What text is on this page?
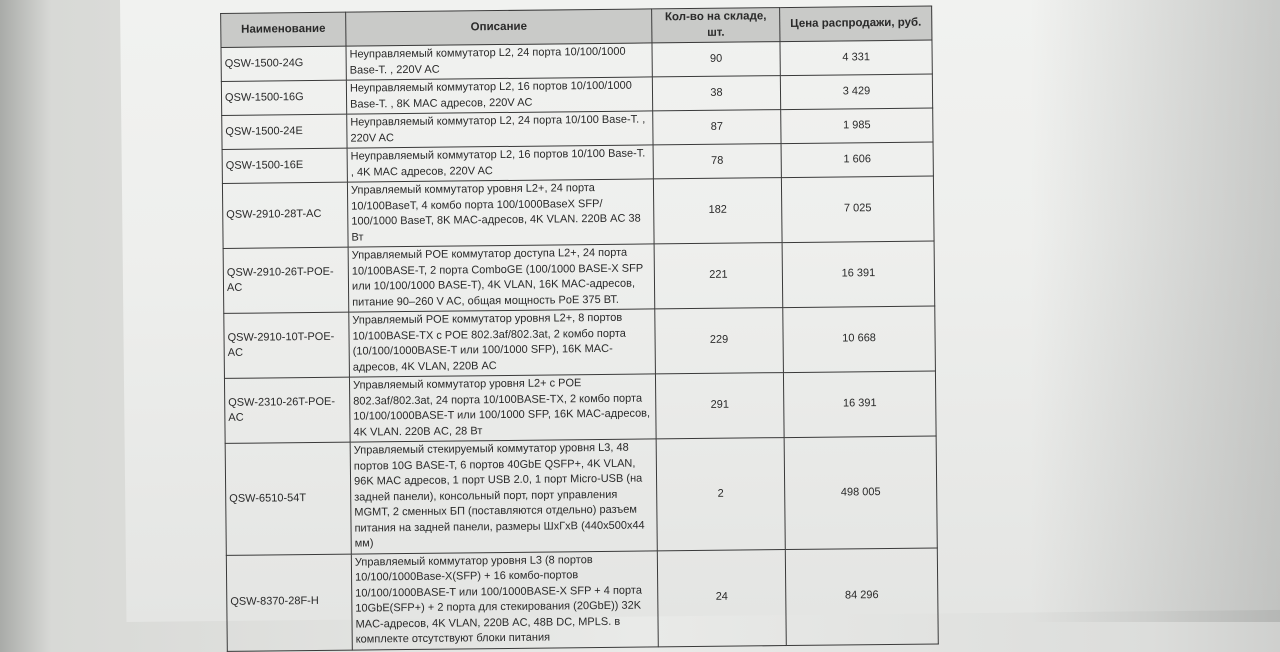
Наименование	Описание	Кол-во на складе, шт.	Цена распродажи, руб.
QSW-1500-24G	Неуправляемый коммутатор L2, 24 порта 10/100/1000 Base-T. , 220V AC	90	4 331
QSW-1500-16G	Неуправляемый коммутатор L2, 16 портов 10/100/1000 Base-T. , 8K MAC адресов, 220V AC	38	3 429
QSW-1500-24E	Неуправляемый коммутатор L2, 24 порта 10/100 Base-T. , 220V AC	87	1 985
QSW-1500-16E	Неуправляемый коммутатор L2, 16 портов 10/100 Base-T. , 4K MAC адресов, 220V AC	78	1 606
QSW-2910-28T-AC	Управляемый коммутатор уровня L2+, 24 порта 10/100BaseT, 4 комбо порта 100/1000BaseX SFP/ 100/1000 BaseT, 8K MAC-адресов, 4K VLAN. 220В AC 38 Вт	182	7 025
QSW-2910-26T-POE-AC	Управляемый POE коммутатор доступа L2+, 24 порта 10/100BASE-T, 2 порта ComboGE (100/1000 BASE-X SFP или 10/100/1000 BASE-T), 4K VLAN, 16K MAC-адресов, питание 90–260 V AC, общая мощность PoE 375 ВТ.	221	16 391
QSW-2910-10T-POE-AC	Управляемый POE коммутатор уровня L2+, 8 портов 10/100BASE-TX с POE 802.3af/802.3at, 2 комбо порта (10/100/1000BASE-T или 100/1000 SFP), 16K MAC-адресов, 4K VLAN, 220В AC	229	10 668
QSW-2310-26T-POE-AC	Управляемый коммутатор уровня L2+ с POE 802.3af/802.3at, 24 порта 10/100BASE-TX, 2 комбо порта 10/100/1000BASE-T или 100/1000 SFP, 16K MAC-адресов, 4K VLAN. 220В AC, 28 Вт	291	16 391
QSW-6510-54T	Управляемый стекируемый коммутатор уровня L3, 48 портов 10G BASE-T, 6 портов 40GbE QSFP+, 4K VLAN, 96K MAC адресов, 1 порт USB 2.0, 1 порт Micro-USB (на задней панели), консольный порт, порт управления MGMT, 2 сменных БП (поставляются отдельно) разъем питания на задней панели, размеры ШхГхВ (440х500х44 мм)	2	498 005
QSW-8370-28F-H	Управляемый коммутатор уровня L3 (8 портов 10/100/1000Base-X(SFP) + 16 комбо-портов 10/100/1000BASE-T или 100/1000BASE-X SFP + 4 порта 10GbE(SFP+) + 2 порта для стекирования (20GbE)) 32K MAC-адресов, 4K VLAN, 220В AC, 48В DC, MPLS. в комплекте отсутствуют блоки питания	24	84 296
